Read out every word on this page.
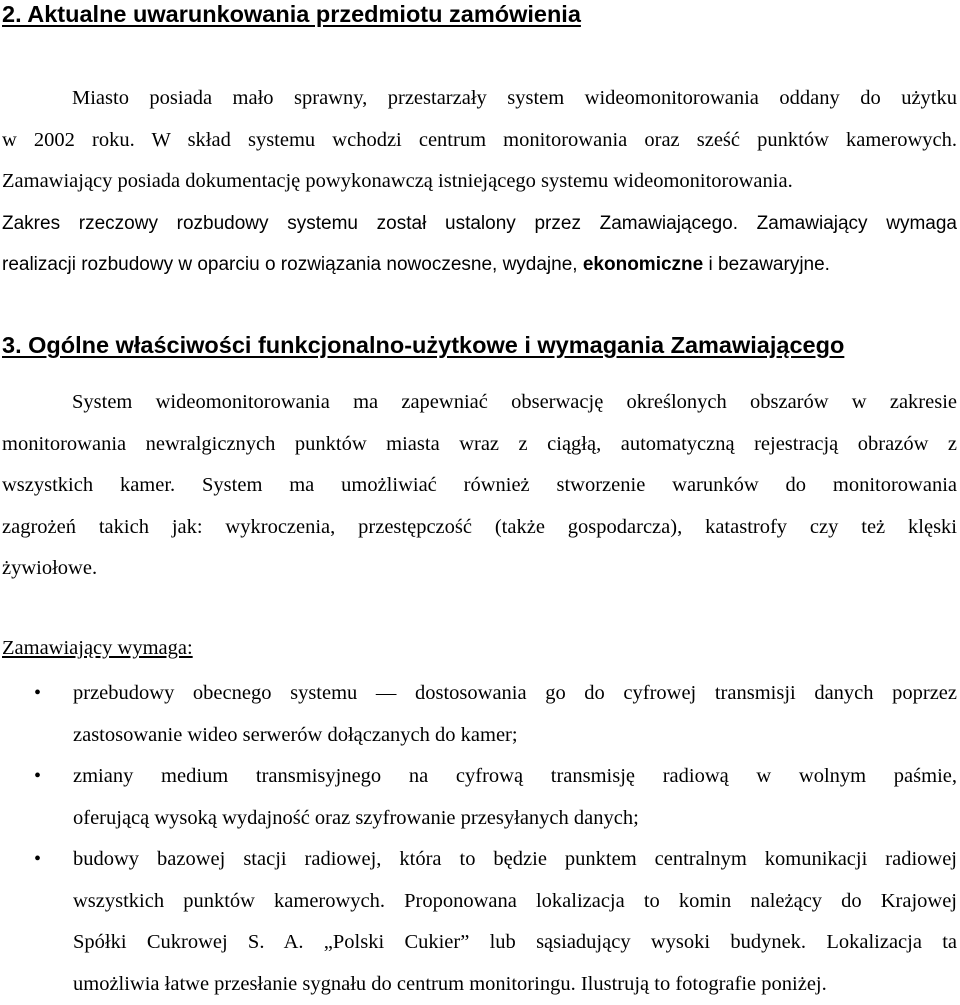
2. Aktualne uwarunkowania przedmiotu zamówienia
Miasto posiada mało sprawny, przestarzały system wideomonitorowania oddany do użytku
w 2002 roku. W skład systemu wchodzi centrum monitorowania oraz sześć punktów kamerowych.
Zamawiający posiada dokumentację powykonawczą istniejącego systemu wideomonitorowania.
Zakres rzeczowy rozbudowy systemu został ustalony przez Zamawiającego. Zamawiający wymaga
realizacji rozbudowy w oparciu o rozwiązania nowoczesne, wydajne, ekonomiczne i bezawaryjne.
3. Ogólne właściwości funkcjonalno-użytkowe i wymagania Zamawiającego
System wideomonitorowania ma zapewniać obserwację określonych obszarów w zakresie
monitorowania newralgicznych punktów miasta wraz z ciągłą, automatyczną rejestracją obrazów z
wszystkich kamer. System ma umożliwiać również stworzenie warunków do monitorowania
zagrożeń takich jak: wykroczenia, przestępczość (także gospodarcza), katastrofy czy też klęski
żywiołowe.

Zamawiający wymaga:

• przebudowy obecnego systemu — dostosowania go do cyfrowej transmisji danych poprzez
zastosowanie wideo serwerów dołączanych do kamer;
• zmiany medium transmisyjnego na cyfrową transmisję radiową w wolnym paśmie,
oferującą wysoką wydajność oraz szyfrowanie przesyłanych danych;
• budowy bazowej stacji radiowej, która to będzie punktem centralnym komunikacji radiowej
wszystkich punktów kamerowych. Proponowana lokalizacja to komin należący do Krajowej
Spółki Cukrowej S. A. „Polski Cukier” lub sąsiadujący wysoki budynek. Lokalizacja ta
umożliwia łatwe przesłanie sygnału do centrum monitoringu. Ilustrują to fotografie poniżej.
